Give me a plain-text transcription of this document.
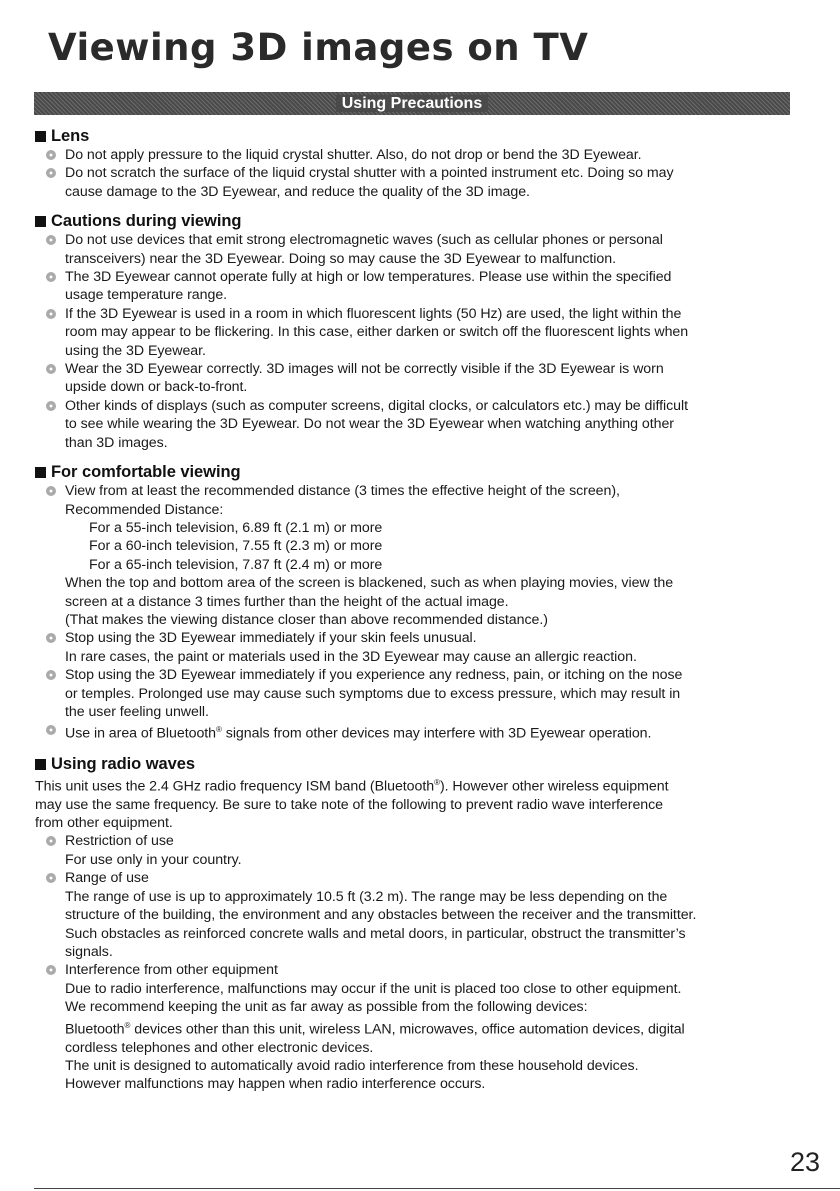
Viewing 3D images on TV
Using Precautions

Lens

Do not apply pressure to the liquid crystal shutter. Also, do not drop or bend the 3D Eyewear.
Do not scratch the surface of the liquid crystal shutter with a pointed instrument etc. Doing so may
cause damage to the 3D Eyewear, and reduce the quality of the 3D image.

Cautions during viewing

Do not use devices that emit strong electromagnetic waves (such as cellular phones or personal
transceivers) near the 3D Eyewear. Doing so may cause the 3D Eyewear to malfunction.
The 3D Eyewear cannot operate fully at high or low temperatures. Please use within the specified
usage temperature range.
If the 3D Eyewear is used in a room in which fluorescent lights (50 Hz) are used, the light within the
room may appear to be flickering. In this case, either darken or switch off the fluorescent lights when
using the 3D Eyewear.
Wear the 3D Eyewear correctly. 3D images will not be correctly visible if the 3D Eyewear is worn
upside down or back-to-front.
Other kinds of displays (such as computer screens, digital clocks, or calculators etc.) may be difficult
to see while wearing the 3D Eyewear. Do not wear the 3D Eyewear when watching anything other
than 3D images.

For comfortable viewing

View from at least the recommended distance (3 times the effective height of the screen),
Recommended Distance:
For a 55-inch television, 6.89 ft (2.1 m) or more
For a 60-inch television, 7.55 ft (2.3 m) or more
For a 65-inch television, 7.87 ft (2.4 m) or more
When the top and bottom area of the screen is blackened, such as when playing movies, view the
screen at a distance 3 times further than the height of the actual image.
(That makes the viewing distance closer than above recommended distance.)
Stop using the 3D Eyewear immediately if your skin feels unusual.
In rare cases, the paint or materials used in the 3D Eyewear may cause an allergic reaction.
Stop using the 3D Eyewear immediately if you experience any redness, pain, or itching on the nose
or temples. Prolonged use may cause such symptoms due to excess pressure, which may result in
the user feeling unwell.
Use in area of Bluetooth® signals from other devices may interfere with 3D Eyewear operation.

Using radio waves

This unit uses the 2.4 GHz radio frequency ISM band (Bluetooth®). However other wireless equipment
may use the same frequency. Be sure to take note of the following to prevent radio wave interference
from other equipment.
Restriction of use
For use only in your country.
Range of use
The range of use is up to approximately 10.5 ft (3.2 m). The range may be less depending on the
structure of the building, the environment and any obstacles between the receiver and the transmitter.
Such obstacles as reinforced concrete walls and metal doors, in particular, obstruct the transmitter’s
signals.
Interference from other equipment
Due to radio interference, malfunctions may occur if the unit is placed too close to other equipment.
We recommend keeping the unit as far away as possible from the following devices:
Bluetooth® devices other than this unit, wireless LAN, microwaves, office automation devices, digital
cordless telephones and other electronic devices.
The unit is designed to automatically avoid radio interference from these household devices.
However malfunctions may happen when radio interference occurs.
23
